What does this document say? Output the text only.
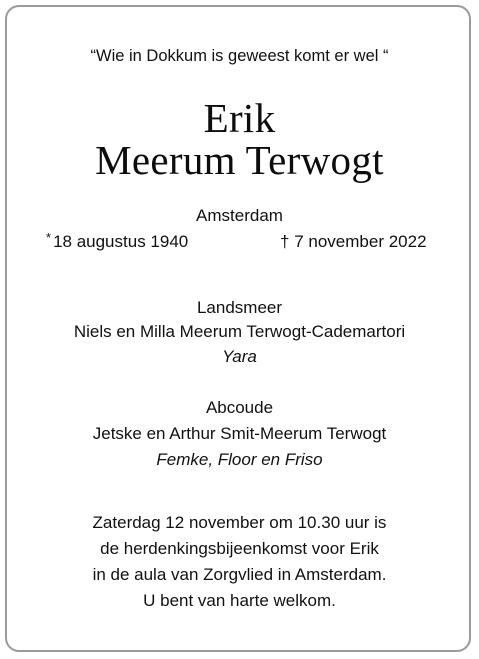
“Wie in Dokkum is geweest komt er wel “
Erik
Meerum Terwogt
Amsterdam
* 18 augustus 1940	† 7 november 2022
Landsmeer
Niels en Milla Meerum Terwogt-Cademartori
Yara
Abcoude
Jetske en Arthur Smit-Meerum Terwogt
Femke, Floor en Friso
Zaterdag 12 november om 10.30 uur is
de herdenkingsbijeenkomst voor Erik
in de aula van Zorgvlied in Amsterdam.
U bent van harte welkom.
